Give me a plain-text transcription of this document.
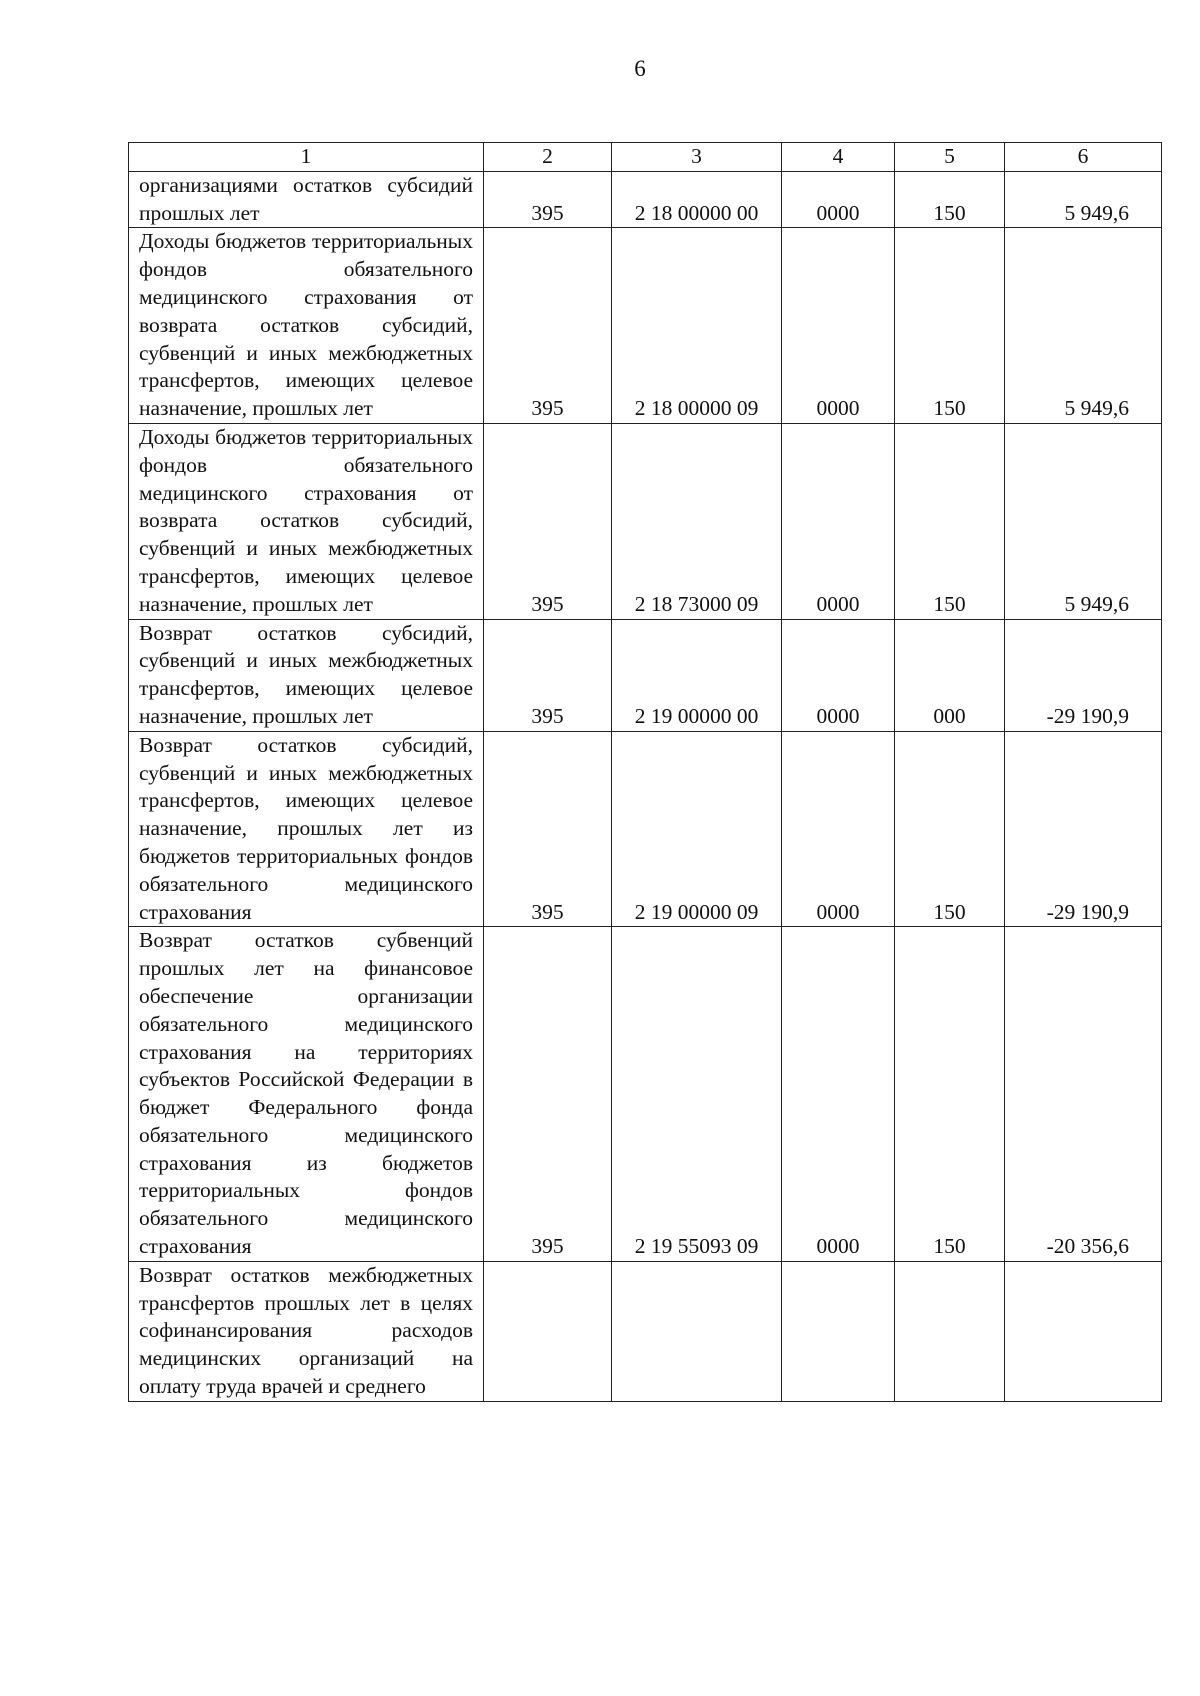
6
1	2	3	4	5	6
организациями остатков субсидий прошлых лет	395	2 18 00000 00	0000	150	5 949,6
Доходы бюджетов территориальных фондов обязательного медицинского страхования от возврата остатков субсидий, субвенций и иных межбюджетных трансфертов, имеющих целевое назначение, прошлых лет	395	2 18 00000 09	0000	150	5 949,6
Доходы бюджетов территориальных фондов обязательного медицинского страхования от возврата остатков субсидий, субвенций и иных межбюджетных трансфертов, имеющих целевое назначение, прошлых лет	395	2 18 73000 09	0000	150	5 949,6
Возврат остатков субсидий, субвенций и иных межбюджетных трансфертов, имеющих целевое назначение, прошлых лет	395	2 19 00000 00	0000	000	-29 190,9
Возврат остатков субсидий, субвенций и иных межбюджетных трансфертов, имеющих целевое назначение, прошлых лет из бюджетов территориальных фондов обязательного медицинского страхования	395	2 19 00000 09	0000	150	-29 190,9
Возврат остатков субвенций прошлых лет на финансовое обеспечение организации обязательного медицинского страхования на территориях субъектов Российской Федерации в бюджет Федерального фонда обязательного медицинского страхования из бюджетов территориальных фондов обязательного медицинского страхования	395	2 19 55093 09	0000	150	-20 356,6
Возврат остатков межбюджетных трансфертов прошлых лет в целях софинансирования расходов медицинских организаций на оплату труда врачей и среднего					
